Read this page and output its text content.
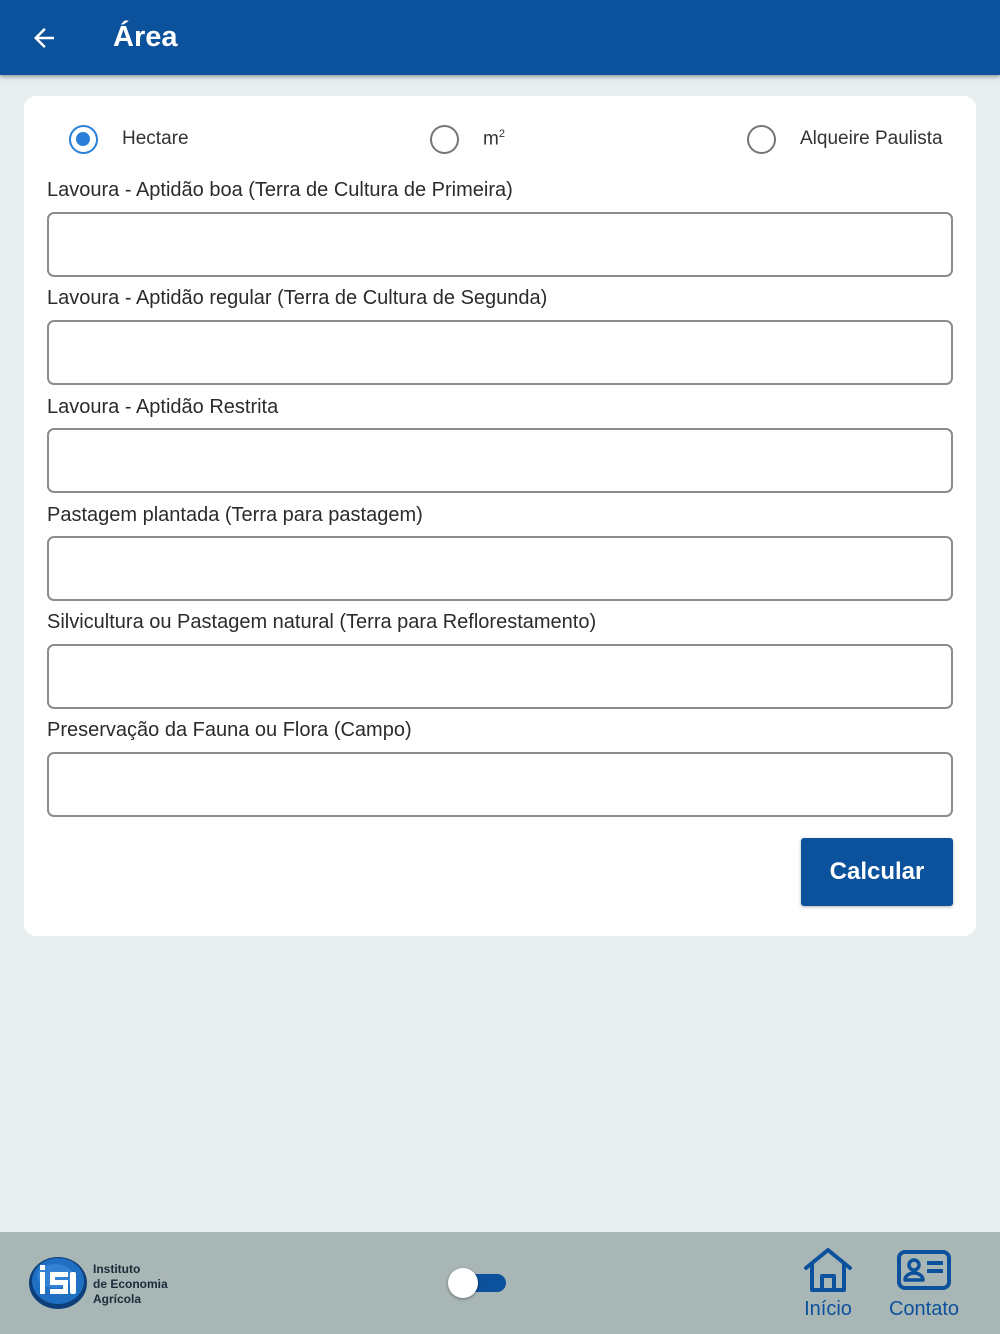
Área
Hectare	$m^2$	Alqueire Paulista
Lavoura - Aptidão boa (Terra de Cultura de Primeira)
Lavoura - Aptidão regular (Terra de Cultura de Segunda)
Lavoura - Aptidão Restrita
Pastagem plantada (Terra para pastagem)
Silvicultura ou Pastagem natural (Terra para Reflorestamento)
Preservação da Fauna ou Flora (Campo)
Calcular
Instituto
de Economia
Agrícola	Início Contato
